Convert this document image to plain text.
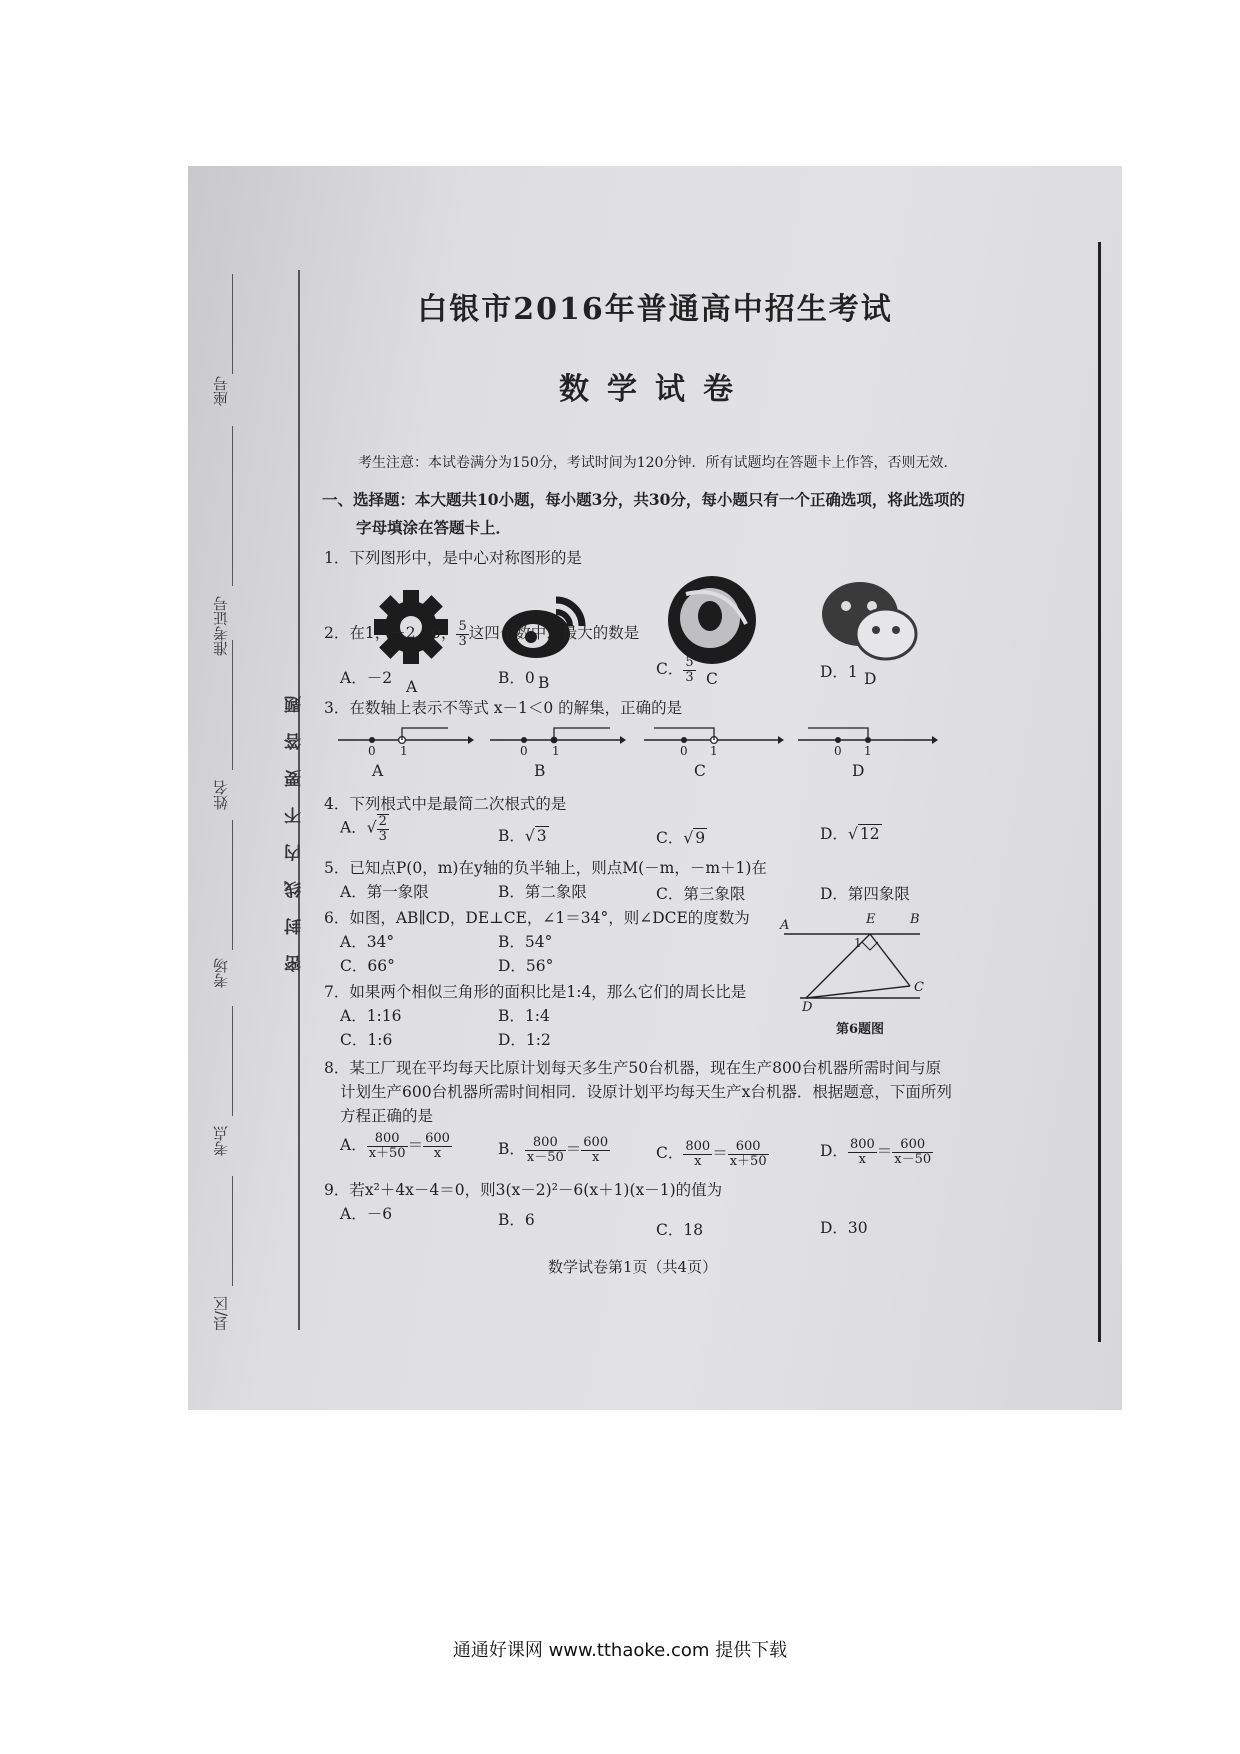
座号
准考证号
姓名
考场
考点
县/区
密封线内不要答题
白银市2016年普通高中招生考试
数学试卷
考生注意：本试卷满分为150分，考试时间为120分钟．所有试题均在答题卡上作答，否则无效．
一、选择题：本大题共10小题，每小题3分，共30分，每小题只有一个正确选项，将此选项的
字母填涂在答题卡上．
1．下列图形中，是中心对称图形的是
A	B	C	D
2．在1，－2，0， $\frac{5}{3}$ 这四个数中，最大的数是
A．－2	B．0	C． $\frac{5}{3}$	D．1
3．在数轴上表示不等式 x－1＜0 的解集，正确的是
0 1	0 1	0 1	0 1
A	B	C	D
4．下列根式中是最简二次根式的是
A．√ $\frac{2}{3}$	B．√ 3	C．√ 9	D．√ 12
5．已知点P(0，m)在y轴的负半轴上，则点M(－m，－m＋1)在
A．第一象限	B．第二象限	C．第三象限	D．第四象限
6．如图，AB∥CD，DE⊥CE，∠1＝34°，则∠DCE的度数为
A．34°	B．54°
C．66°	D．56°
A	E	B
1
C
D
第6题图
7．如果两个相似三角形的面积比是1:4，那么它们的周长比是
A．1:16	B．1:4
C．1:6	D．1:2
8．某工厂现在平均每天比原计划每天多生产50台机器，现在生产800台机器所需时间与原
计划生产600台机器所需时间相同．设原计划平均每天生产x台机器．根据题意，下面所列
方程正确的是
A． $\frac{800}{x+50} = \frac{600}{x}$	B． $\frac{800}{x-50} = \frac{600}{x}$	C． $\frac{800}{x} = \frac{600}{x+50}$	D． $\frac{800}{x} = \frac{600}{x-50}$
9．若x²＋4x－4＝0，则3(x－2)²－6(x＋1)(x－1)的值为
A．－6	B．6
C．18	D．30
数学试卷第1页（共4页）
通通好课网 www.tthaoke.com 提供下载
